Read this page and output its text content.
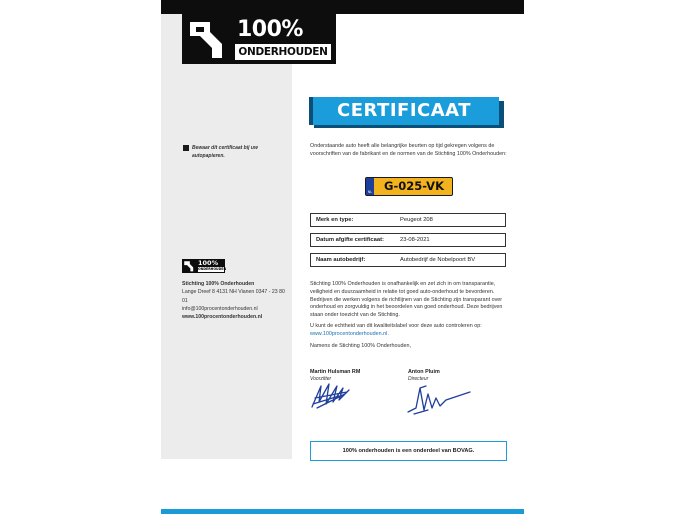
100%
ONDERHOUDEN
Bewaar dit certificaat bij uw autopapieren.
100%
ONDERHOUDEN
Stichting 100% Onderhouden
Lange Dreef 8 4131 NH Vianen 0347 - 23 80 01
info@100procentonderhouden.nl
www.100procentonderhouden.nl
CERTIFICAAT
Onderstaande auto heeft alle belangrijke beurten op tijd gekregen volgens de voorschriften van de fabrikant en de normen van de Stichting 100% Onderhouden:
NL	G-025-VK
Merk en type:	Peugeot 208
Datum afgifte certificaat:	23-08-2021
Naam autobedrijf:	Autobedrijf de Nobelpoort BV
Stichting 100% Onderhouden is onafhankelijk en zet zich in om transparantie, veiligheid en duurzaamheid in relatie tot goed auto-onderhoud te bevorderen. Bedrijven die werken volgens de richtlijnen van de Stichting zijn transparant over onderhoud en zorgvuldig in het beoordelen van goed onderhoud. Deze bedrijven staan onder toezicht van de Stichting.
U kunt de echtheid van dit kwaliteitslabel voor deze auto controleren op:
www.100procentonderhouden.nl.
Namens de Stichting 100% Onderhouden,
Martin Hulsman RM
Voorzitter
Anton Pluim
Directeur
100% onderhouden is een onderdeel van BOVAG.
